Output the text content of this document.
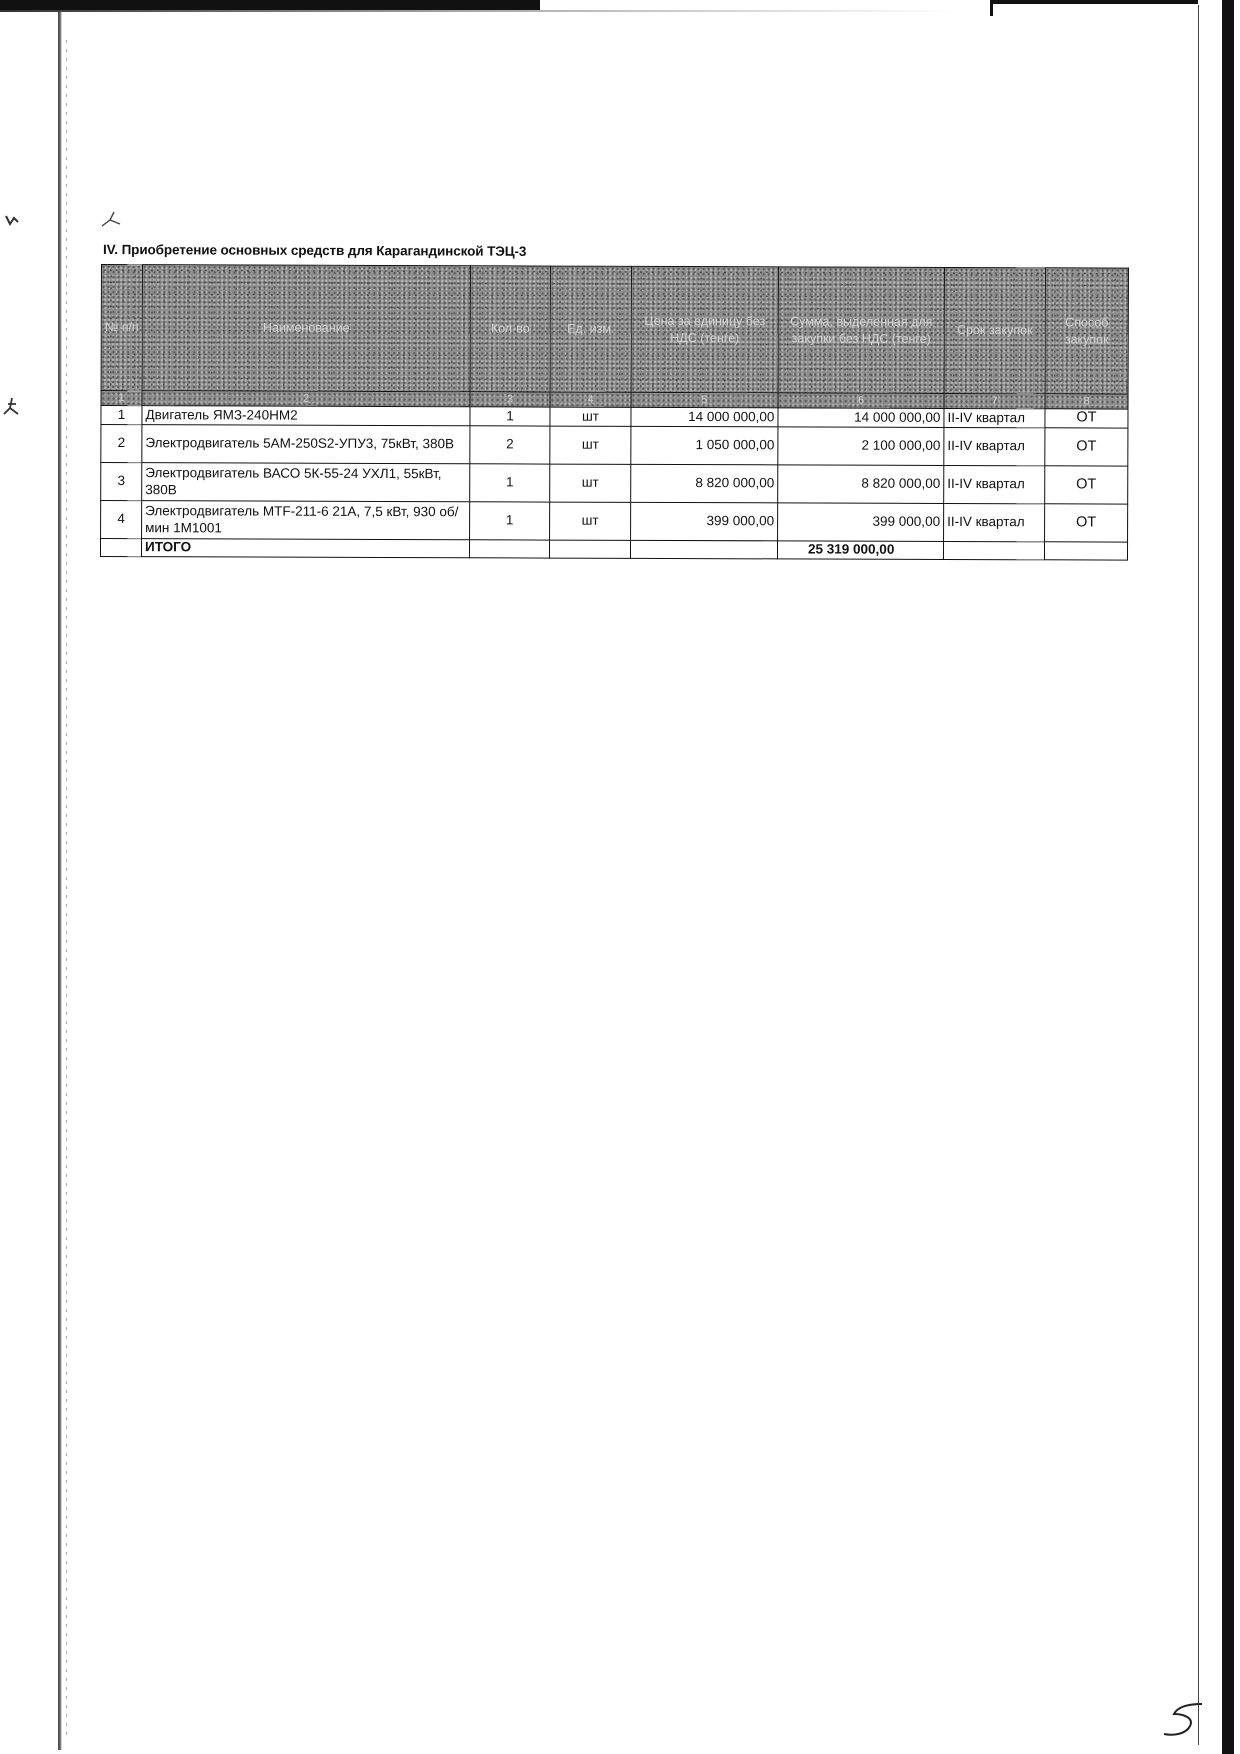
IV. Приобретение основных средств для Карагандинской ТЭЦ-3
№ п/п	Наименование	Кол-во	Ед. изм.	Цена за единицу без НДС (тенге)	Сумма, выделенная для закупки без НДС (тенге)	Срок закупок	Способ закупок
1	2	3	4	5	6	7	8
1	Двигатель ЯМЗ-240НМ2	1	шт	14 000 000,00	14 000 000,00	II-IV квартал	ОТ
2	Электродвигатель 5АМ-250S2-УПУ3, 75кВт, 380В	2	шт	1 050 000,00	2 100 000,00	II-IV квартал	ОТ
3	Электродвигатель ВАСО 5К-55-24 УХЛ1, 55кВт, 380В	1	шт	8 820 000,00	8 820 000,00	II-IV квартал	ОТ
4	Электродвигатель MTF-211-6 21А, 7,5 кВт, 930 об/мин 1М1001	1	шт	399 000,00	399 000,00	II-IV квартал	ОТ
	ИТОГО				25 319 000,00		
